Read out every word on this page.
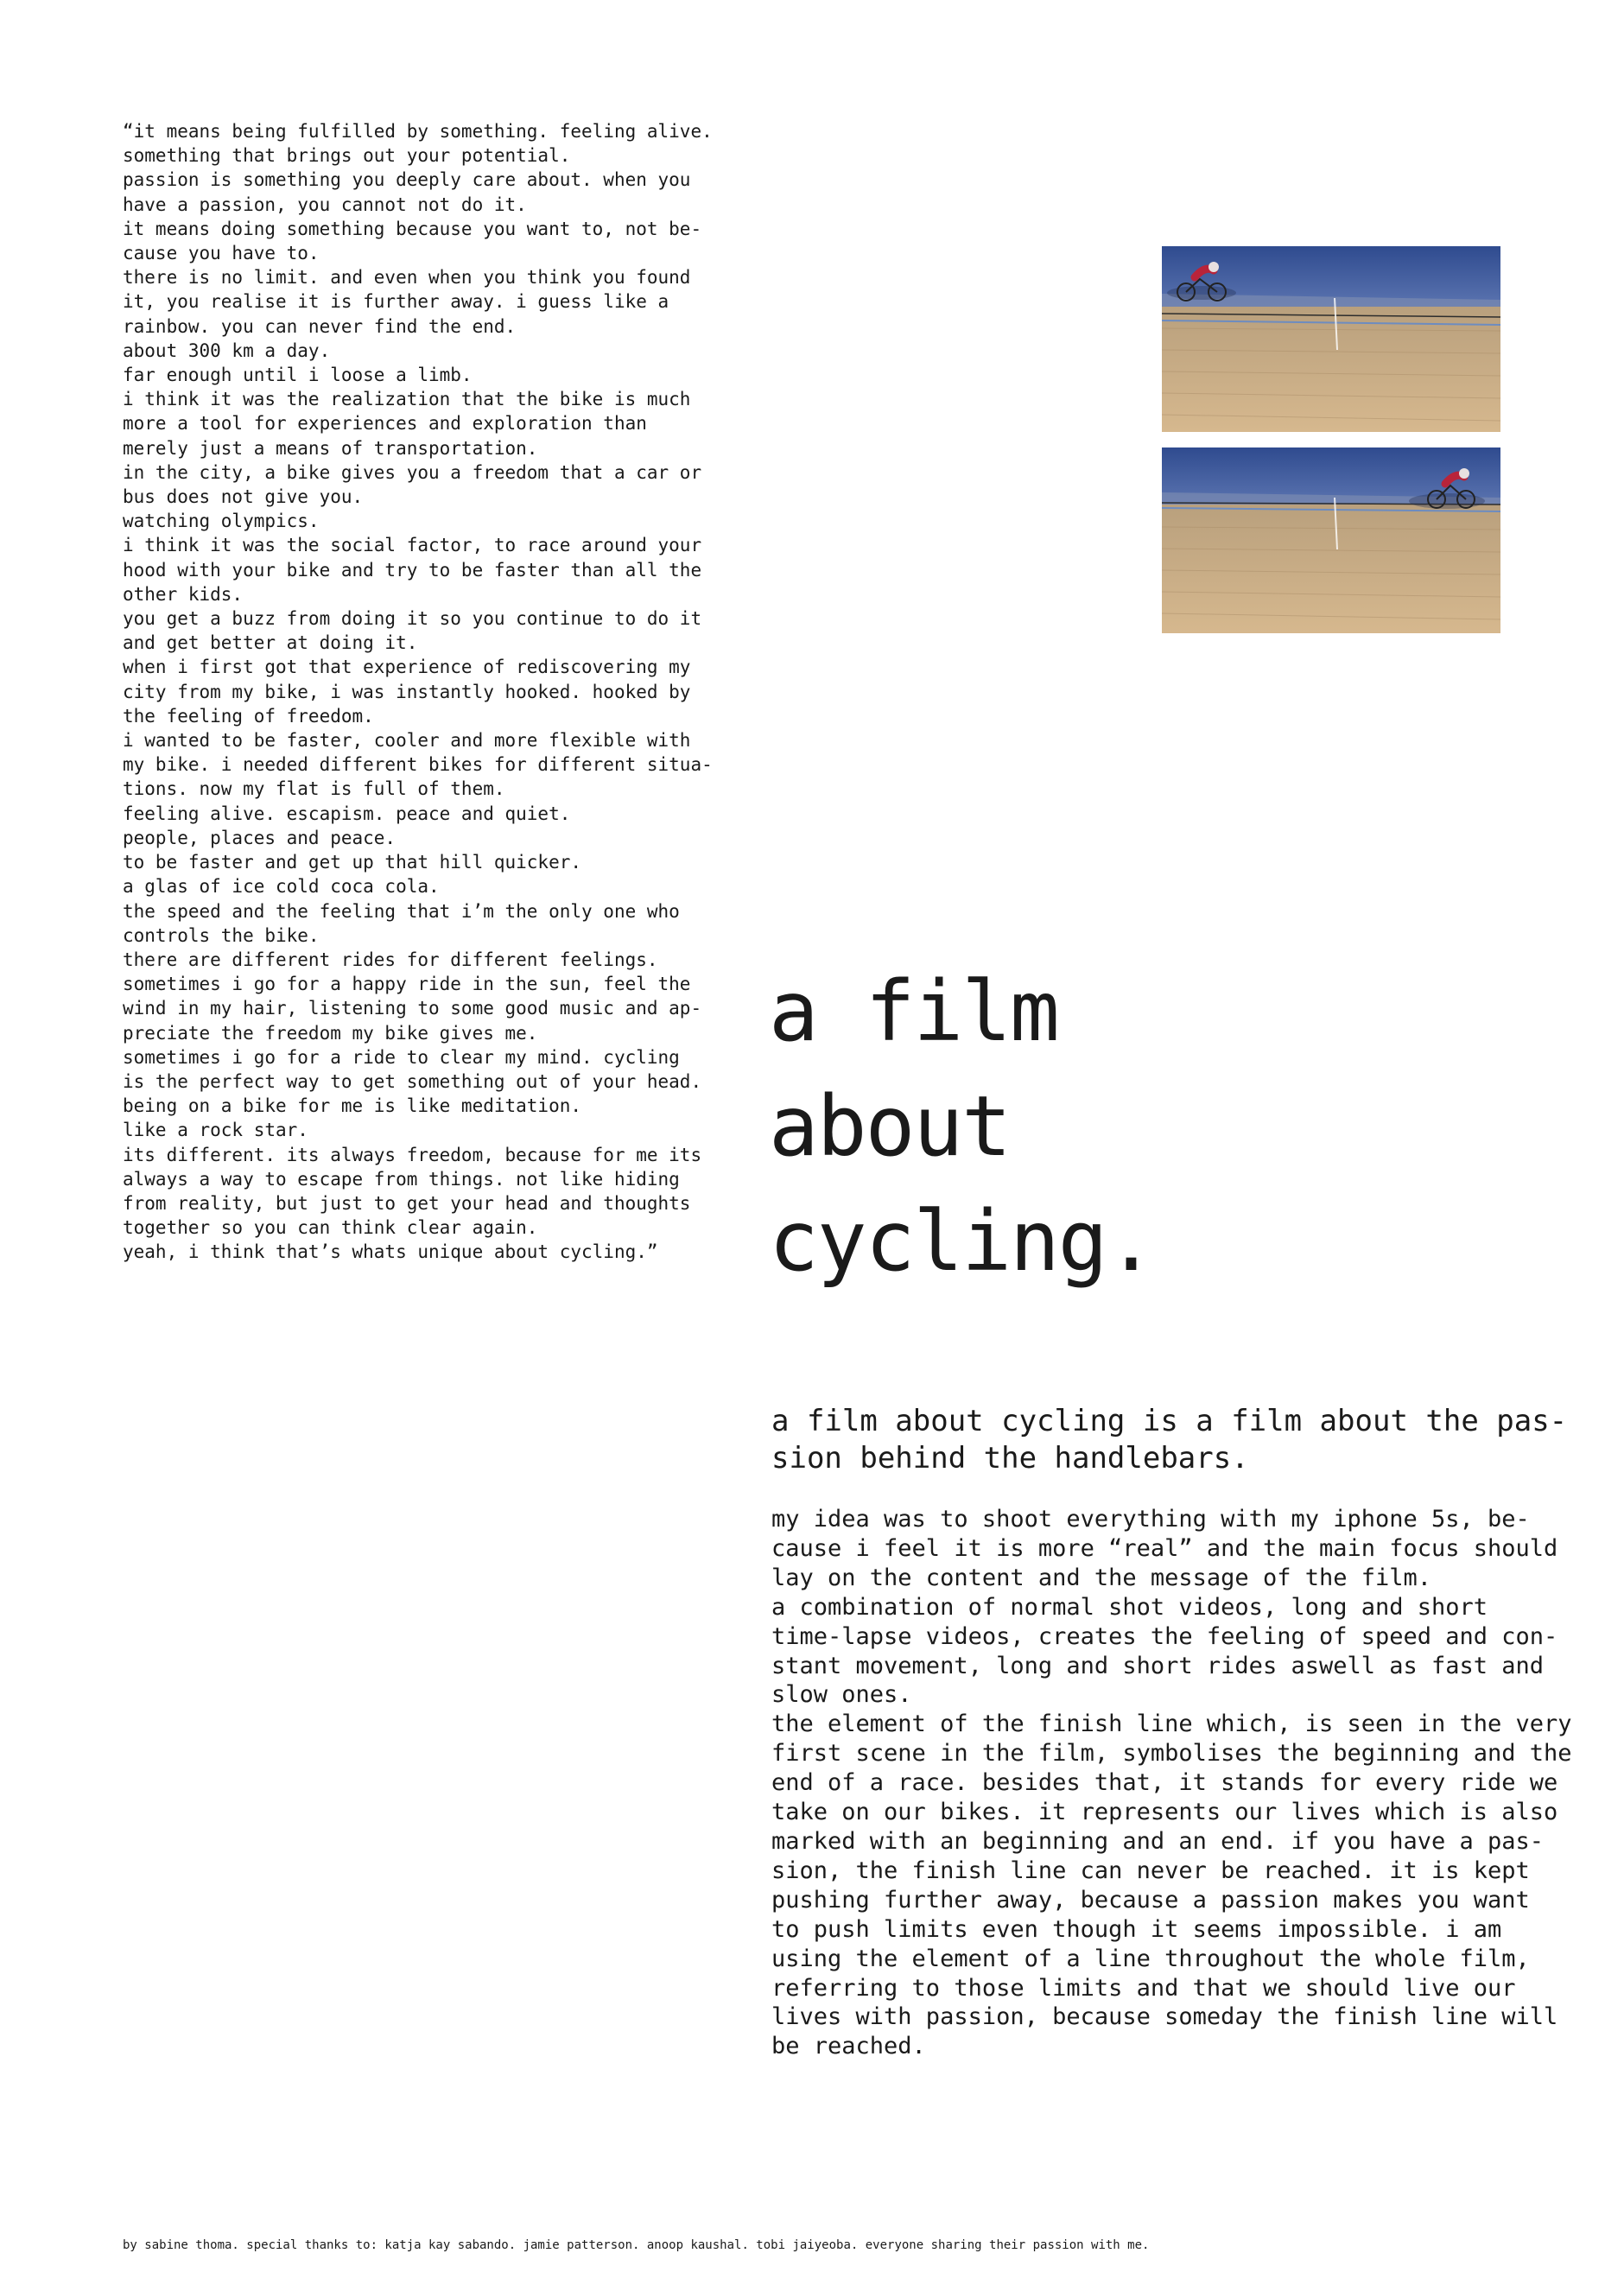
“it means being fulfilled by something. feeling alive.
something that brings out your potential.
passion is something you deeply care about. when you
have a passion, you cannot not do it.
it means doing something because you want to, not be-
cause you have to.
there is no limit. and even when you think you found
it, you realise it is further away. i guess like a
rainbow. you can never find the end.
about 300 km a day.
far enough until i loose a limb.
i think it was the realization that the bike is much
more a tool for experiences and exploration than
merely just a means of transportation.
in the city, a bike gives you a freedom that a car or
bus does not give you.
watching olympics.
i think it was the social factor, to race around your
hood with your bike and try to be faster than all the
other kids.
you get a buzz from doing it so you continue to do it
and get better at doing it.
when i first got that experience of rediscovering my
city from my bike, i was instantly hooked. hooked by
the feeling of freedom.
i wanted to be faster, cooler and more flexible with
my bike. i needed different bikes for different situa-
tions. now my flat is full of them.
feeling alive. escapism. peace and quiet.
people, places and peace.
to be faster and get up that hill quicker.
a glas of ice cold coca cola.
the speed and the feeling that i’m the only one who
controls the bike.
there are different rides for different feelings.
sometimes i go for a happy ride in the sun, feel the
wind in my hair, listening to some good music and ap-
preciate the freedom my bike gives me.
sometimes i go for a ride to clear my mind. cycling
is the perfect way to get something out of your head.
being on a bike for me is like meditation.
like a rock star.
its different. its always freedom, because for me its
always a way to escape from things. not like hiding
from reality, but just to get your head and thoughts
together so you can think clear again.
yeah, i think that’s whats unique about cycling.”
a film
about
cycling.

a film about cycling is a film about the pas-
sion behind the handlebars.

my idea was to shoot everything with my iphone 5s, be-
cause i feel it is more “real” and the main focus should
lay on the content and the message of the film.
a combination of normal shot videos, long and short
time-lapse videos, creates the feeling of speed and con-
stant movement, long and short rides aswell as fast and
slow ones.
the element of the finish line which, is seen in the very
first scene in the film, symbolises the beginning and the
end of a race. besides that, it stands for every ride we
take on our bikes. it represents our lives which is also
marked with an beginning and an end. if you have a pas-
sion, the finish line can never be reached. it is kept
pushing further away, because a passion makes you want
to push limits even though it seems impossible. i am
using the element of a line throughout the whole film,
referring to those limits and that we should live our
lives with passion, because someday the finish line will
be reached.

by sabine thoma. special thanks to: katja kay sabando. jamie patterson. anoop kaushal. tobi jaiyeoba. everyone sharing their passion with me.
